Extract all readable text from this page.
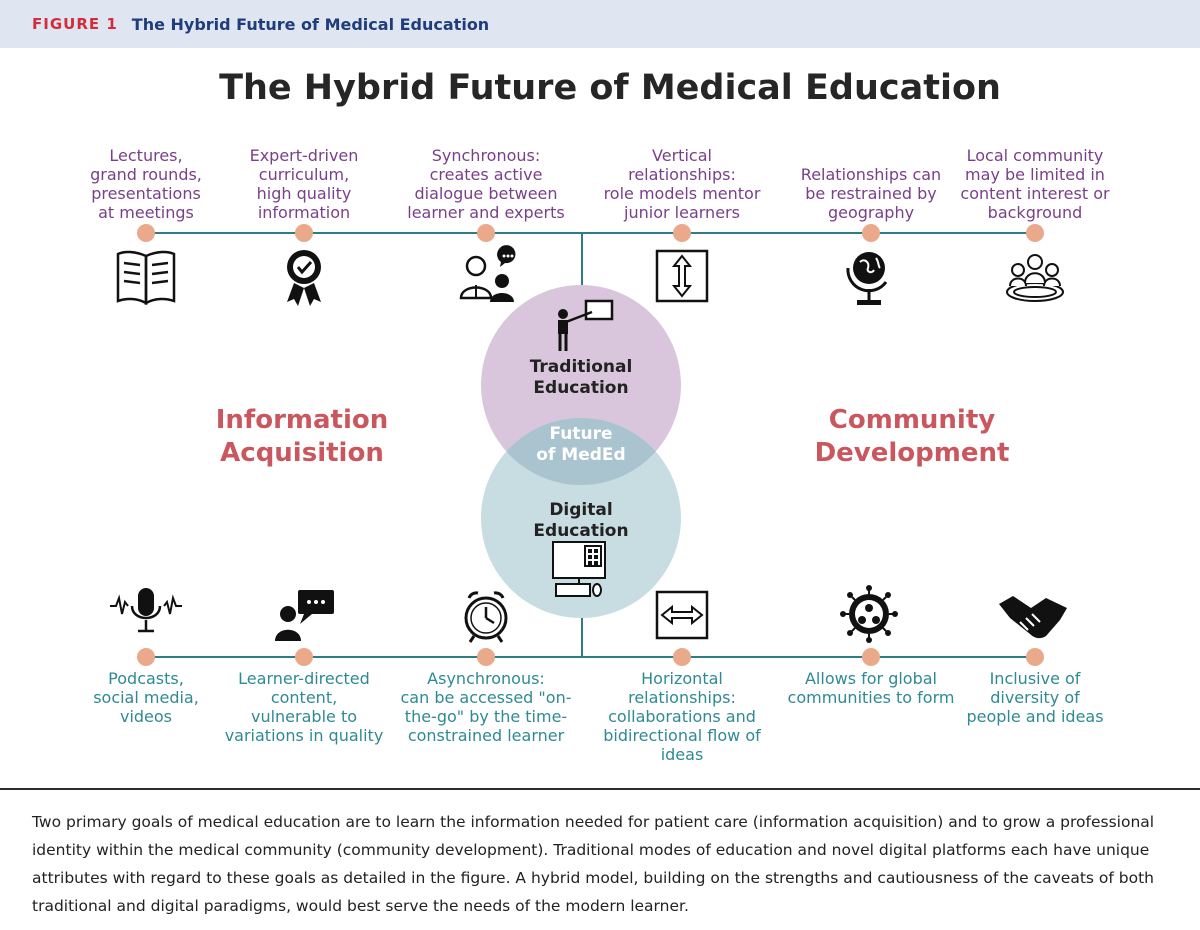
FIGURE 1 The Hybrid Future of Medical Education
The Hybrid Future of Medical Education
Lectures,
grand rounds,
presentations
at meetings
Expert-driven
curriculum,
high quality
information
Synchronous:
creates active
dialogue between
learner and experts
Vertical
relationships:
role models mentor
junior learners
Relationships can
be restrained by
geography
Local community
may be limited in
content interest or
background
Information
Acquisition
Community
Development
Traditional
Education
Future
of MedEd
Digital
Education
Podcasts,
social media,
videos
Learner-directed
content,
vulnerable to
variations in quality
Asynchronous:
can be accessed "on-
the-go" by the time-
constrained learner
Horizontal
relationships:
collaborations and
bidirectional flow of
ideas
Allows for global
communities to form
Inclusive of
diversity of
people and ideas
Two primary goals of medical education are to learn the information needed for patient care (information acquisition) and to grow a professional identity within the medical community (community development). Traditional modes of education and novel digital platforms each have unique attributes with regard to these goals as detailed in the figure. A hybrid model, building on the strengths and cautiousness of the caveats of both traditional and digital paradigms, would best serve the needs of the modern learner.
